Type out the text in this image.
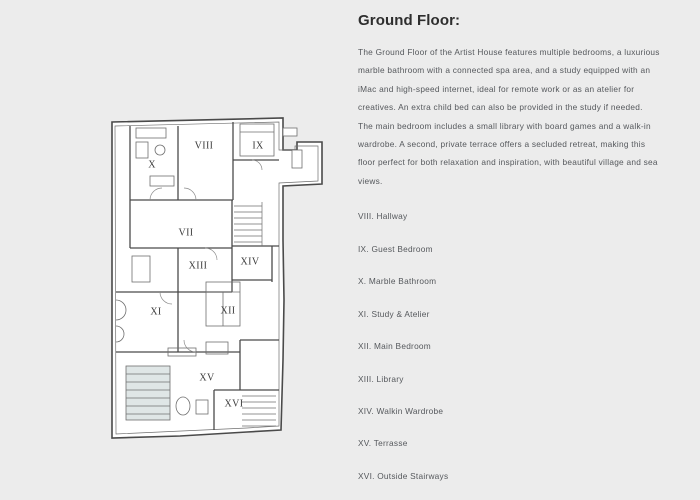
VIII	IX
X
VII
XIII	XIV
XI	XII
XV
XVI
Ground Floor:

The Ground Floor of the Artist House features multiple bedrooms, a luxurious marble bathroom with a connected spa area, and a study equipped with an iMac and high-speed internet, ideal for remote work or as an atelier for creatives. An extra child bed can also be provided in the study if needed. The main bedroom includes a small library with board games and a walk-in wardrobe. A second, private terrace offers a secluded retreat, making this floor perfect for both relaxation and inspiration, with beautiful village and sea views.

VIII. Hallway
IX. Guest Bedroom
X. Marble Bathroom
XI. Study & Atelier
XII. Main Bedroom
XIII. Library
XIV. Walkin Wardrobe
XV. Terrasse
XVI. Outside Stairways
